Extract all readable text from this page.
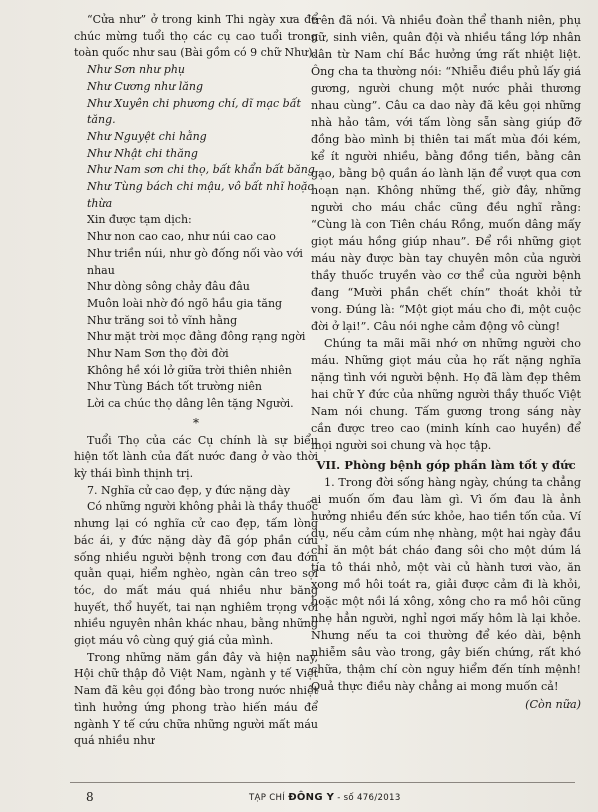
“Cửa như” ở trong kinh Thi ngày xưa để chúc mừng tuổi thọ các cụ cao tuổi trong toàn quốc như sau (Bài gồm có 9 chữ Như).

Như Sơn như phụ

Như Cương như lăng

Như Xuyên chi phương chí, dĩ mạc bất tăng.

Như Nguyệt chi hằng

Như Nhật chi thăng

Như Nam sơn chi thọ, bất khẩn bất băng

Như Tùng bách chi mậu, vô bất nhĩ hoặc thừa

Xin được tạm dịch:

Như non cao cao, như núi cao cao

Như triền núi, như gò đống nối vào với nhau

Như dòng sông chảy đâu đâu

Muôn loài nhờ đó ngõ hầu gia tăng

Như trăng soi tỏ vĩnh hằng

Như mặt trời mọc đằng đông rạng ngời

Như Nam Sơn thọ đời đời

Không hề xói lở giữa trời thiên nhiên

Như Tùng Bách tốt trường niên

Lời ca chúc thọ dâng lên tặng Người.

*

Tuổi Thọ của các Cụ chính là sự biểu hiện tốt lành của đất nước đang ở vào thời kỳ thái bình thịnh trị.

7. Nghĩa cử cao đẹp, y đức nặng dày

Có những người không phải là thầy thuốc nhưng lại có nghĩa cử cao đẹp, tấm lòng bác ái, y đức nặng dày đã góp phần cứu sống nhiều người bệnh trong cơn đau đớn quằn quại, hiểm nghèo, ngàn cân treo sợi tóc, do mất máu quá nhiều như băng huyết, thổ huyết, tai nạn nghiêm trọng với nhiều nguyên nhân khác nhau, bằng những giọt máu vô cùng quý giá của mình.

Trong những năm gần đây và hiện nay, Hội chữ thập đỏ Việt Nam, ngành y tế Việt Nam đã kêu gọi đồng bào trong nước nhiệt tình hưởng ứng phong trào hiến máu để ngành Y tế cứu chữa những người mất máu quá nhiều như

trên đã nói. Và nhiều đoàn thể thanh niên, phụ nữ, sinh viên, quân đội và nhiều tầng lớp nhân dân từ Nam chí Bắc hưởng ứng rất nhiệt liệt. Ông cha ta thường nói: “Nhiễu điều phủ lấy giá gương, người chung một nước phải thương nhau cùng”. Câu ca dao này đã kêu gọi những nhà hảo tâm, với tấm lòng sẵn sàng giúp đỡ đồng bào mình bị thiên tai mất mùa đói kém, kể ít người nhiều, bằng đồng tiền, bằng cân gạo, bằng bộ quần áo lành lặn để vượt qua cơn hoạn nạn. Không những thế, giờ đây, những người cho máu chắc cũng đều nghĩ rằng: “Cùng là con Tiên cháu Rồng, muốn dâng mấy giọt máu hồng giúp nhau”. Để rồi những giọt máu này được bàn tay chuyên môn của người thầy thuốc truyền vào cơ thể của người bệnh đang “Mười phần chết chín” thoát khỏi tử vong. Đúng là: “Một giọt máu cho đi, một cuộc đời ở lại!”. Câu nói nghe cảm động vô cùng!

Chúng ta mãi mãi nhớ ơn những người cho máu. Những giọt máu của họ rất nặng nghĩa nặng tình với người bệnh. Họ đã làm đẹp thêm hai chữ Y đức của những người thầy thuốc Việt Nam nói chung. Tấm gương trong sáng này cần được treo cao (minh kính cao huyền) để mọi người soi chung và học tập.

VII. Phòng bệnh góp phần làm tốt y đức

1. Trong đời sống hàng ngày, chúng ta chẳng ai muốn ốm đau làm gì. Vì ốm đau là ảnh hưởng nhiều đến sức khỏe, hao tiền tốn của. Ví dụ, nếu cảm cúm nhẹ nhàng, một hai ngày đầu chỉ ăn một bát cháo đang sôi cho một dúm lá tía tô thái nhỏ, một vài củ hành tươi vào, ăn xong mồ hôi toát ra, giải được cảm đi là khỏi, hoặc một nồi lá xông, xông cho ra mồ hôi cũng nhẹ hẳn người, nghỉ ngơi mấy hôm là lại khỏe. Nhưng nếu ta coi thường để kéo dài, bệnh nhiễm sâu vào trong, gây biến chứng, rất khó chữa, thậm chí còn nguy hiểm đến tính mệnh! Quả thực điều này chẳng ai mong muốn cả!

(Còn nữa)

8	TẠP CHÍ ĐÔNG Y - số 476/2013
